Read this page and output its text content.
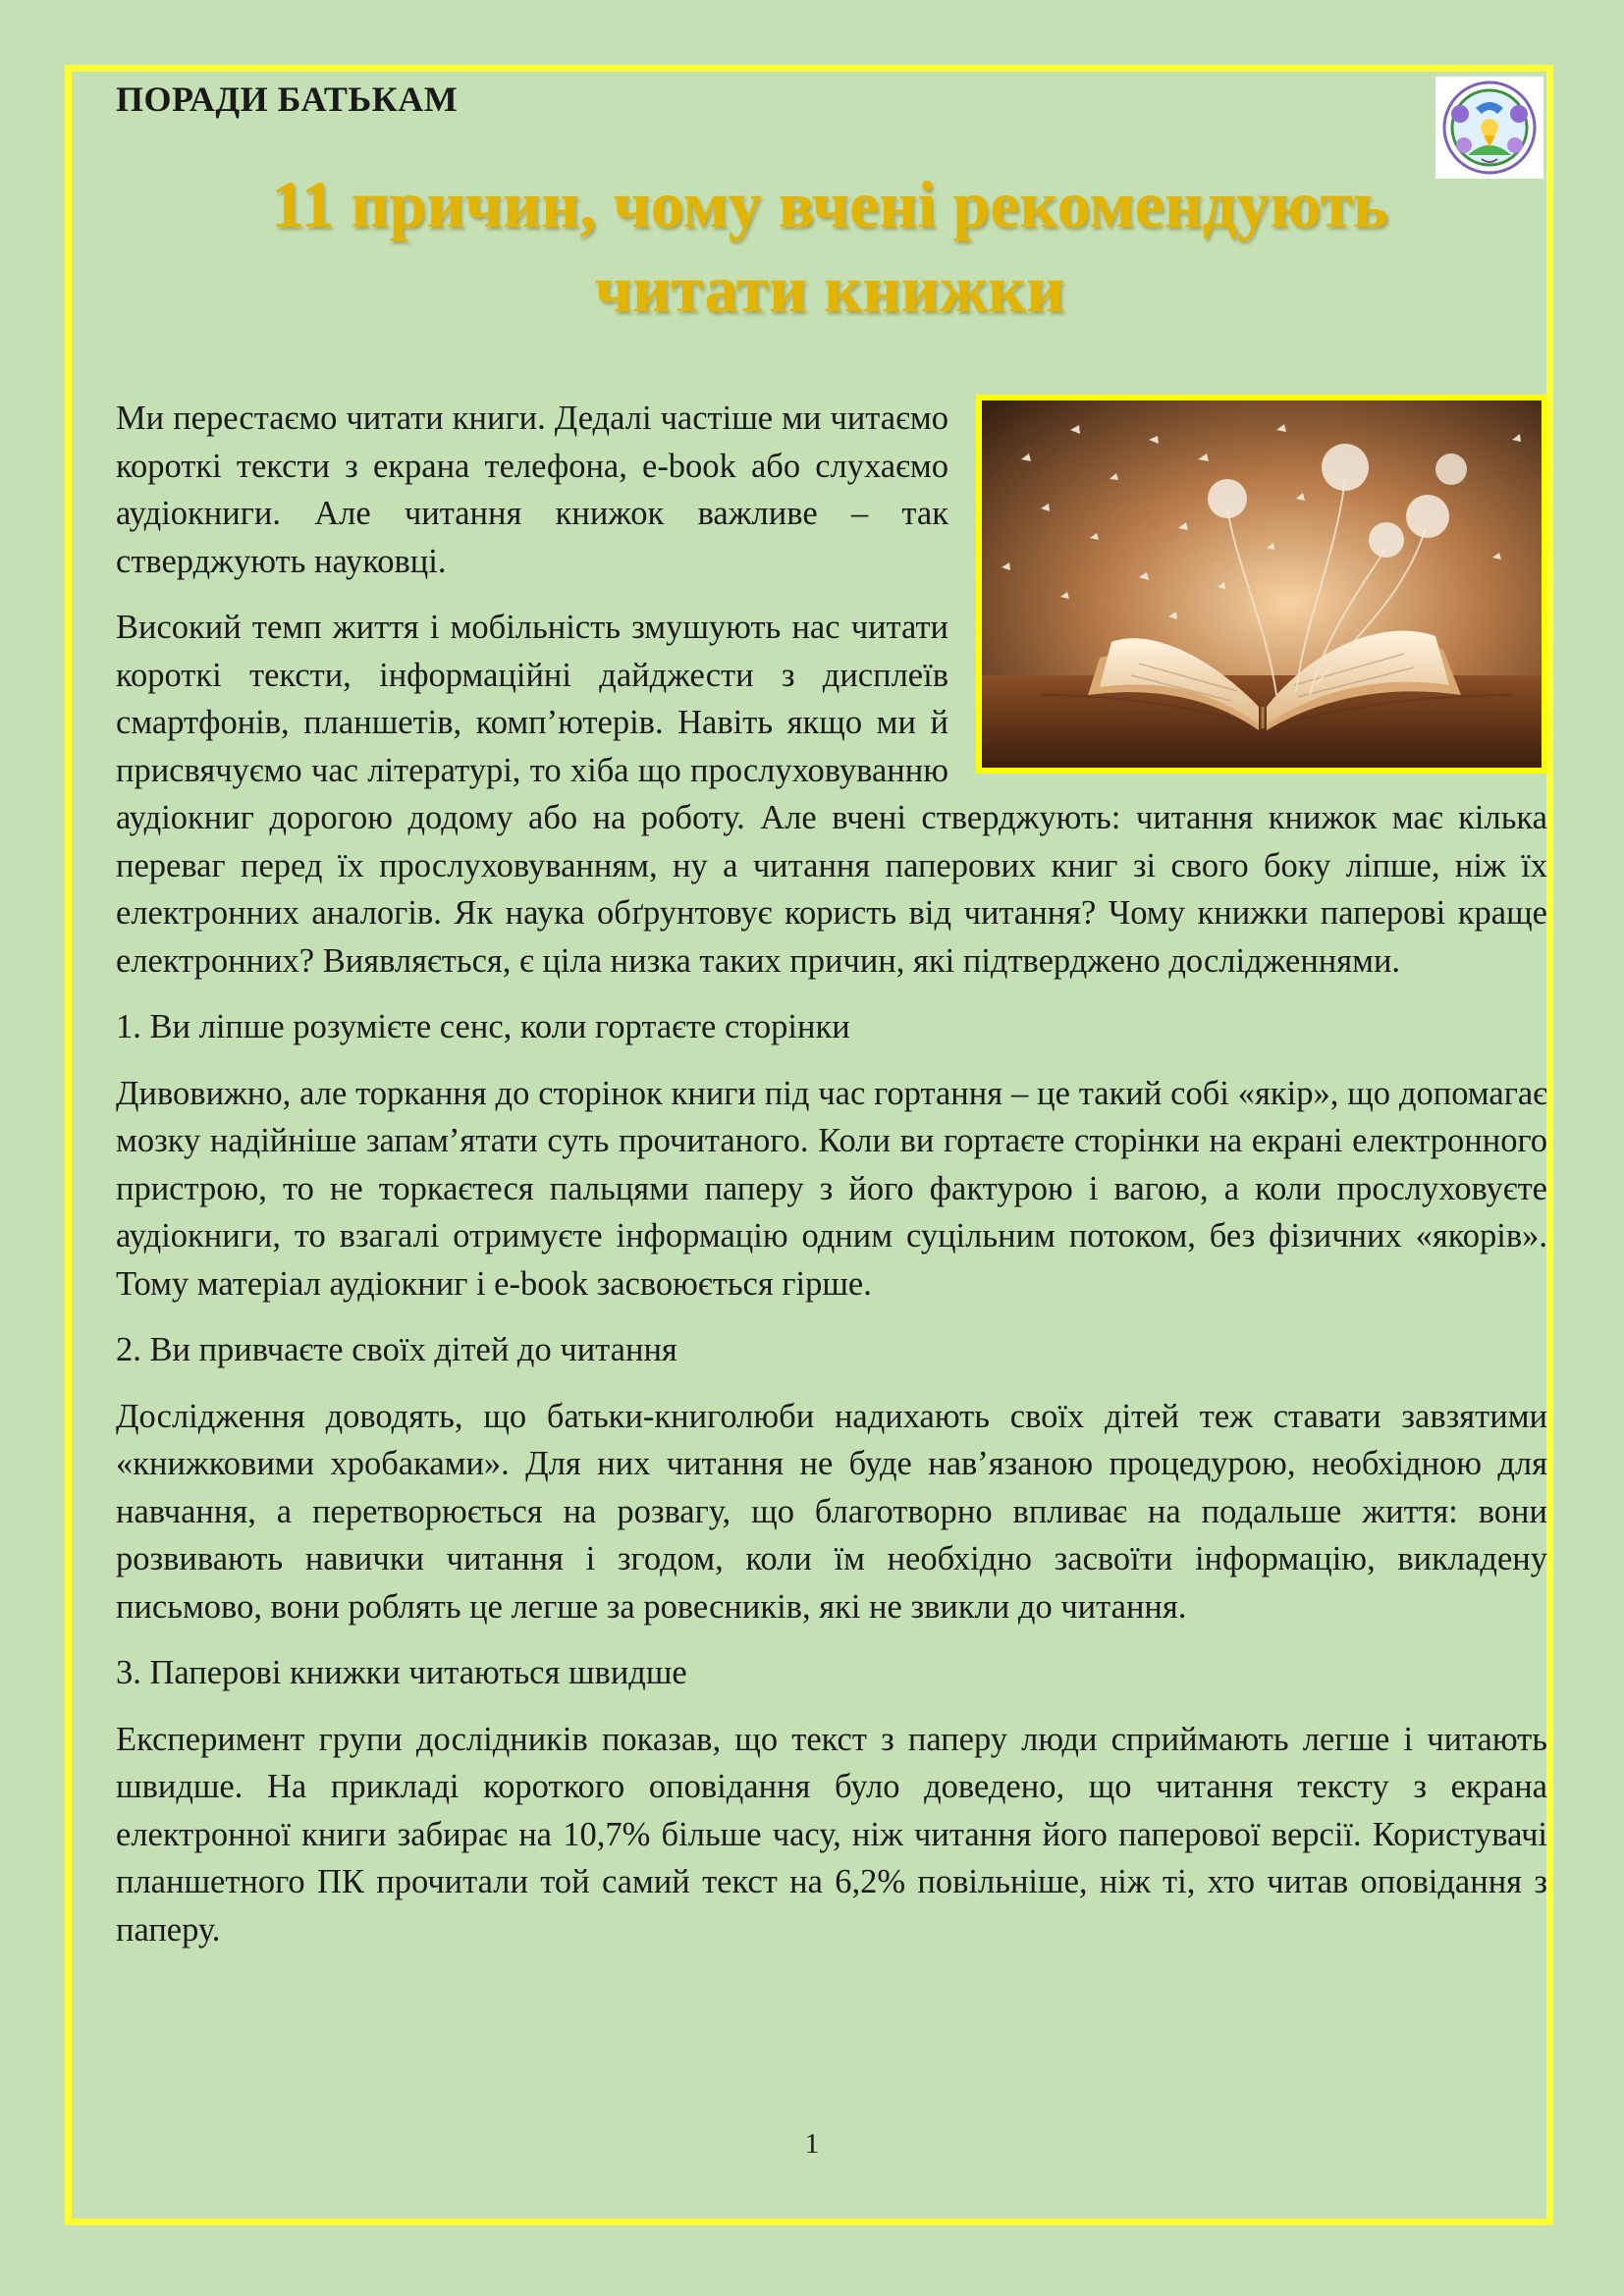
ПОРАДИ БАТЬКАМ
11 причин, чому вчені рекомендують
читати книжки

Ми перестаємо читати книги. Дедалі частіше ми читаємо короткі тексти з екрана телефона, e-book або слухаємо аудіокниги. Але читання книжок важливе – так стверджують науковці.

Високий темп життя і мобільність змушують нас читати короткі тексти, інформаційні дайджести з дисплеїв смартфонів, планшетів, комп’ютерів. Навіть якщо ми й присвячуємо час літературі, то хіба що прослуховуванню аудіокниг дорогою додому або на роботу. Але вчені стверджують: читання книжок має кілька переваг перед їх прослуховуванням, ну а читання паперових книг зі свого боку ліпше, ніж їх електронних аналогів. Як наука обґрунтовує користь від читання? Чому книжки паперові краще електронних? Виявляється, є ціла низка таких причин, які підтверджено дослідженнями.

1. Ви ліпше розумієте сенс, коли гортаєте сторінки

Дивовижно, але торкання до сторінок книги під час гортання – це такий собі «якір», що допомагає мозку надійніше запам’ятати суть прочитаного. Коли ви гортаєте сторінки на екрані електронного пристрою, то не торкаєтеся пальцями паперу з його фактурою і вагою, а коли прослуховуєте аудіокниги, то взагалі отримуєте інформацію одним суцільним потоком, без фізичних «якорів». Тому матеріал аудіокниг і e-book засвоюється гірше.

2. Ви привчаєте своїх дітей до читання

Дослідження доводять, що батьки-книголюби надихають своїх дітей теж ставати завзятими «книжковими хробаками». Для них читання не буде нав’язаною процедурою, необхідною для навчання, а перетворюється на розвагу, що благотворно впливає на подальше життя: вони розвивають навички читання і згодом, коли їм необхідно засвоїти інформацію, викладену письмово, вони роблять це легше за ровесників, які не звикли до читання.

3. Паперові книжки читаються швидше

Експеримент групи дослідників показав, що текст з паперу люди сприймають легше і читають швидше. На прикладі короткого оповідання було доведено, що читання тексту з екрана електронної книги забирає на 10,7% більше часу, ніж читання його паперової версії. Користувачі планшетного ПК прочитали той самий текст на 6,2% повільніше, ніж ті, хто читав оповідання з паперу.

1
